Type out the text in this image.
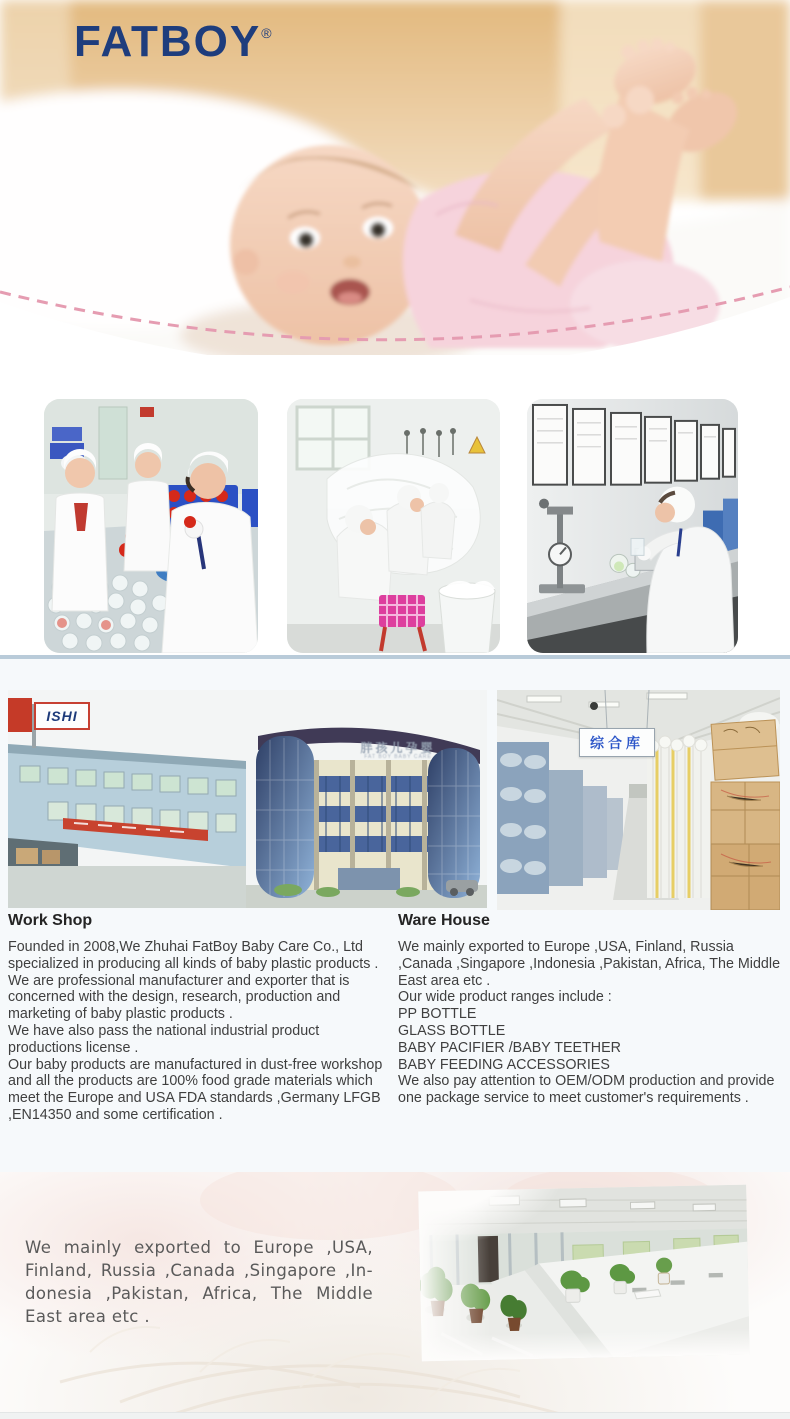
FATBOY®
ISHI
胖孩儿孕婴
FAT BOY BABY CARE
综合库
Work Shop

Founded in 2008,We Zhuhai FatBoy Baby Care Co., Ltd specialized in producing all kinds of baby plastic products .

We are professional manufacturer and exporter that is concerned with the design, research, production and marketing of baby plastic products .

We have also pass the national industrial product productions license .

Our baby products are manufactured in dust-free workshop and all the products are 100% food grade materials which meet the Europe and USA FDA standards ,Germany LFGB ,EN14350 and some certification .

Ware House

We mainly exported to Europe ,USA, Finland, Russia ,Canada ,Singapore ,Indonesia ,Pakistan, Africa, The Middle East area etc .

Our wide product ranges include :

PP BOTTLE

GLASS BOTTLE

BABY PACIFIER /BABY TEETHER

BABY FEEDING ACCESSORIES

We also pay attention to OEM/ODM production and provide one package service to meet customer's requirements .

We mainly exported to Europe ,USA,
Finland, Russia ,Canada ,Singapore ,In-
donesia ,Pakistan, Africa, The Middle
East area etc .
